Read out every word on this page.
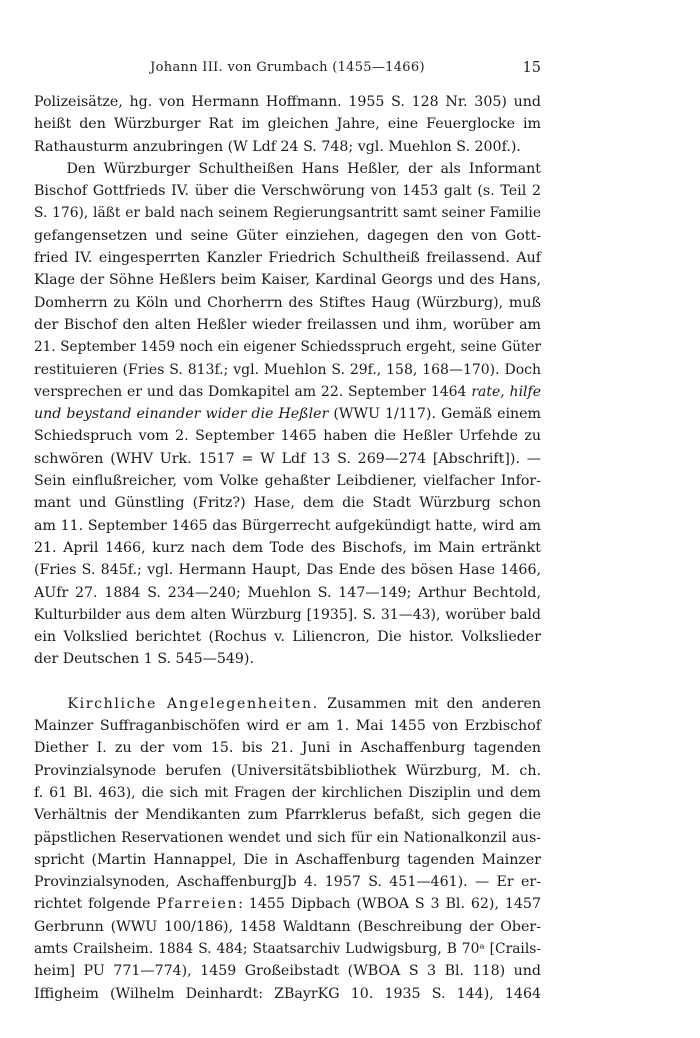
Johann III. von Grumbach (1455—1466)	15
Polizeisätze, hg. von Hermann Hoffmann. 1955 S. 128 Nr. 305) und
heißt den Würzburger Rat im gleichen Jahre, eine Feuerglocke im
Rathausturm anzubringen (W Ldf 24 S. 748; vgl. Muehlon S. 200f.).
Den Würzburger Schultheißen Hans Heßler, der als Informant
Bischof Gottfrieds IV. über die Verschwörung von 1453 galt (s. Teil 2
S. 176), läßt er bald nach seinem Regierungsantritt samt seiner Familie
gefangensetzen und seine Güter einziehen, dagegen den von Gott-
fried IV. eingesperrten Kanzler Friedrich Schultheiß freilassend. Auf
Klage der Söhne Heßlers beim Kaiser, Kardinal Georgs und des Hans,
Domherrn zu Köln und Chorherrn des Stiftes Haug (Würzburg), muß
der Bischof den alten Heßler wieder freilassen und ihm, worüber am
21. September 1459 noch ein eigener Schiedsspruch ergeht, seine Güter
restituieren (Fries S. 813f.; vgl. Muehlon S. 29f., 158, 168—170). Doch
versprechen er und das Domkapitel am 22. September 1464 rate, hilfe
und beystand einander wider die Heßler (WWU 1/117). Gemäß einem
Schiedspruch vom 2. September 1465 haben die Heßler Urfehde zu
schwören (WHV Urk. 1517 = W Ldf 13 S. 269—274 [Abschrift]). —
Sein einflußreicher, vom Volke gehaßter Leibdiener, vielfacher Infor-
mant und Günstling (Fritz?) Hase, dem die Stadt Würzburg schon
am 11. September 1465 das Bürgerrecht aufgekündigt hatte, wird am
21. April 1466, kurz nach dem Tode des Bischofs, im Main ertränkt
(Fries S. 845f.; vgl. Hermann Haupt, Das Ende des bösen Hase 1466,
AUfr 27. 1884 S. 234—240; Muehlon S. 147—149; Arthur Bechtold,
Kulturbilder aus dem alten Würzburg [1935]. S. 31—43), worüber bald
ein Volkslied berichtet (Rochus v. Liliencron, Die histor. Volkslieder
der Deutschen 1 S. 545—549).
Kirchliche Angelegenheiten. Zusammen mit den anderen
Mainzer Suffraganbischöfen wird er am 1. Mai 1455 von Erzbischof
Diether I. zu der vom 15. bis 21. Juni in Aschaffenburg tagenden
Provinzialsynode berufen (Universitätsbibliothek Würzburg, M. ch.
f. 61 Bl. 463), die sich mit Fragen der kirchlichen Disziplin und dem
Verhältnis der Mendikanten zum Pfarrklerus befaßt, sich gegen die
päpstlichen Reservationen wendet und sich für ein Nationalkonzil aus-
spricht (Martin Hannappel, Die in Aschaffenburg tagenden Mainzer
Provinzialsynoden, AschaffenburgJb 4. 1957 S. 451—461). — Er er-
richtet folgende Pfarreien: 1455 Dipbach (WBOA S 3 Bl. 62), 1457
Gerbrunn (WWU 100/186), 1458 Waldtann (Beschreibung der Ober-
amts Crailsheim. 1884 S. 484; Staatsarchiv Ludwigsburg, B 70ᵃ [Crails-
heim] PU 771—774), 1459 Großeibstadt (WBOA S 3 Bl. 118) und
Iffigheim (Wilhelm Deinhardt: ZBayrKG 10. 1935 S. 144), 1464
